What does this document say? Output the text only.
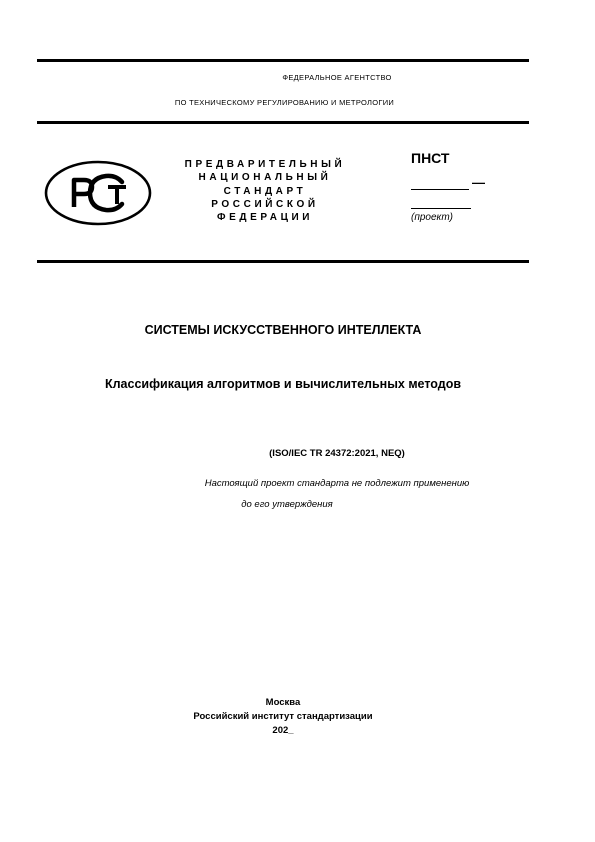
ФЕДЕРАЛЬНОЕ АГЕНТСТВО
ПО ТЕХНИЧЕСКОМУ РЕГУЛИРОВАНИЮ И МЕТРОЛОГИИ
ПРЕДВАРИТЕЛЬНЫЙ
НАЦИОНАЛЬНЫЙ
СТАНДАРТ
РОССИЙСКОЙ
ФЕДЕРАЦИИ
ПНСТ
—
(проект)
СИСТЕМЫ ИСКУССТВЕННОГО ИНТЕЛЛЕКТА
Классификация алгоритмов и вычислительных методов
(ISO/IEC TR 24372:2021, NEQ)
Настоящий проект стандарта не подлежит применению
до его утверждения
Москва
Российский институт стандартизации
202_
